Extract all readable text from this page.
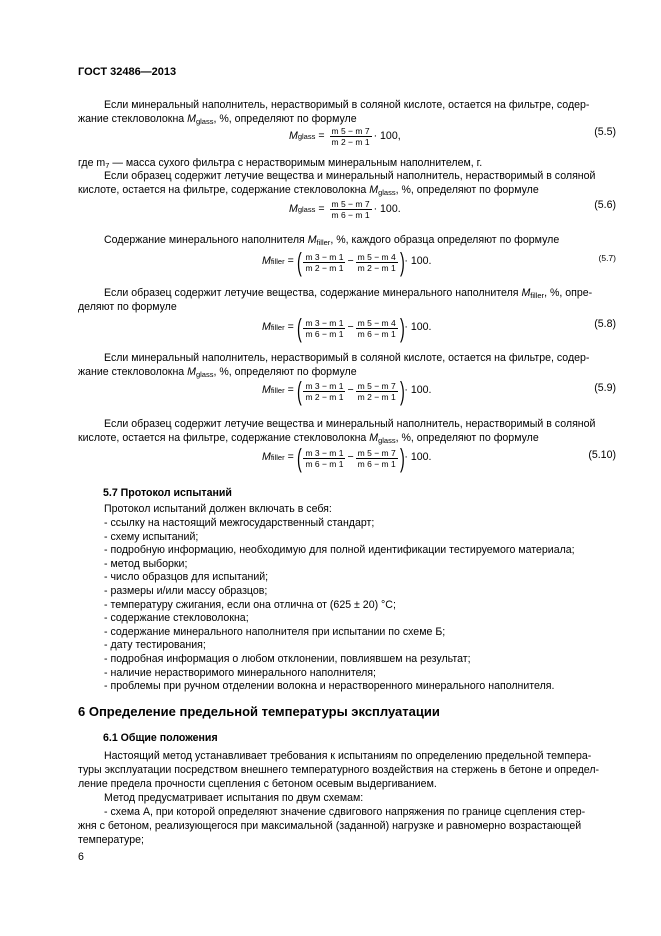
ГОСТ 32486—2013
Если минеральный наполнитель, нерастворимый в соляной кислоте, остается на фильтре, содер-
жание стекловолокна $M_{glass}$, %, определяют по формуле
M glass = $\frac{m 5 - m 7}{m 2 - m 1} \cdot 100$,	(5.5)
где $m_7$ — масса сухого фильтра с нерастворимым минеральным наполнителем, г.
Если образец содержит летучие вещества и минеральный наполнитель, нерастворимый в соляной
кислоте, остается на фильтре, содержание стекловолокна $M_{glass}$, %, определяют по формуле
M glass = $\frac{m 5 - m 7}{m 6 - m 1} \cdot 100$.	(5.6)
Содержание минерального наполнителя $M_{filler}$, %, каждого образца определяют по формуле
M filler = ( $\frac{m 3 - m 1}{m 2 - m 1} - \frac{m 5 - m 4}{m 2 - m 1}$ ) · 100.	(5.7)
Если образец содержит летучие вещества, содержание минерального наполнителя $M_{filler}$, %, опре-
деляют по формуле
M filler = ( $\frac{m 3 - m 1}{m 6 - m 1} - \frac{m 5 - m 4}{m 6 - m 1}$ ) · 100.	(5.8)
Если минеральный наполнитель, нерастворимый в соляной кислоте, остается на фильтре, содер-
жание стекловолокна $M_{glass}$, %, определяют по формуле
M filler = ( $\frac{m 3 - m 1}{m 2 - m 1} - \frac{m 5 - m 7}{m 2 - m 1}$ ) · 100.	(5.9)
Если образец содержит летучие вещества и минеральный наполнитель, нерастворимый в соляной
кислоте, остается на фильтре, содержание стекловолокна $M_{glass}$, %, определяют по формуле
M filler = ( $\frac{m 3 - m 1}{m 6 - m 1} - \frac{m 5 - m 7}{m 6 - m 1}$ ) · 100.	(5.10)
5.7 Протокол испытаний
Протокол испытаний должен включать в себя:
- ссылку на настоящий межгосударственный стандарт;
- схему испытаний;
- подробную информацию, необходимую для полной идентификации тестируемого материала;
- метод выборки;
- число образцов для испытаний;
- размеры и/или массу образцов;
- температуру сжигания, если она отлична от (625 ± 20) °С;
- содержание стекловолокна;
- содержание минерального наполнителя при испытании по схеме Б;
- дату тестирования;
- подробная информация о любом отклонении, повлиявшем на результат;
- наличие нерастворимого минерального наполнителя;
- проблемы при ручном отделении волокна и нерастворенного минерального наполнителя.
6 Определение предельной температуры эксплуатации
6.1 Общие положения
Настоящий метод устанавливает требования к испытаниям по определению предельной темпера-
туры эксплуатации посредством внешнего температурного воздействия на стержень в бетоне и определ-
ление предела прочности сцепления с бетоном осевым выдергиванием.
Метод предусматривает испытания по двум схемам:
- схема А, при которой определяют значение сдвигового напряжения по границе сцепления стер-
жня с бетоном, реализующегося при максимальной (заданной) нагрузке и равномерно возрастающей
температуре;
6
